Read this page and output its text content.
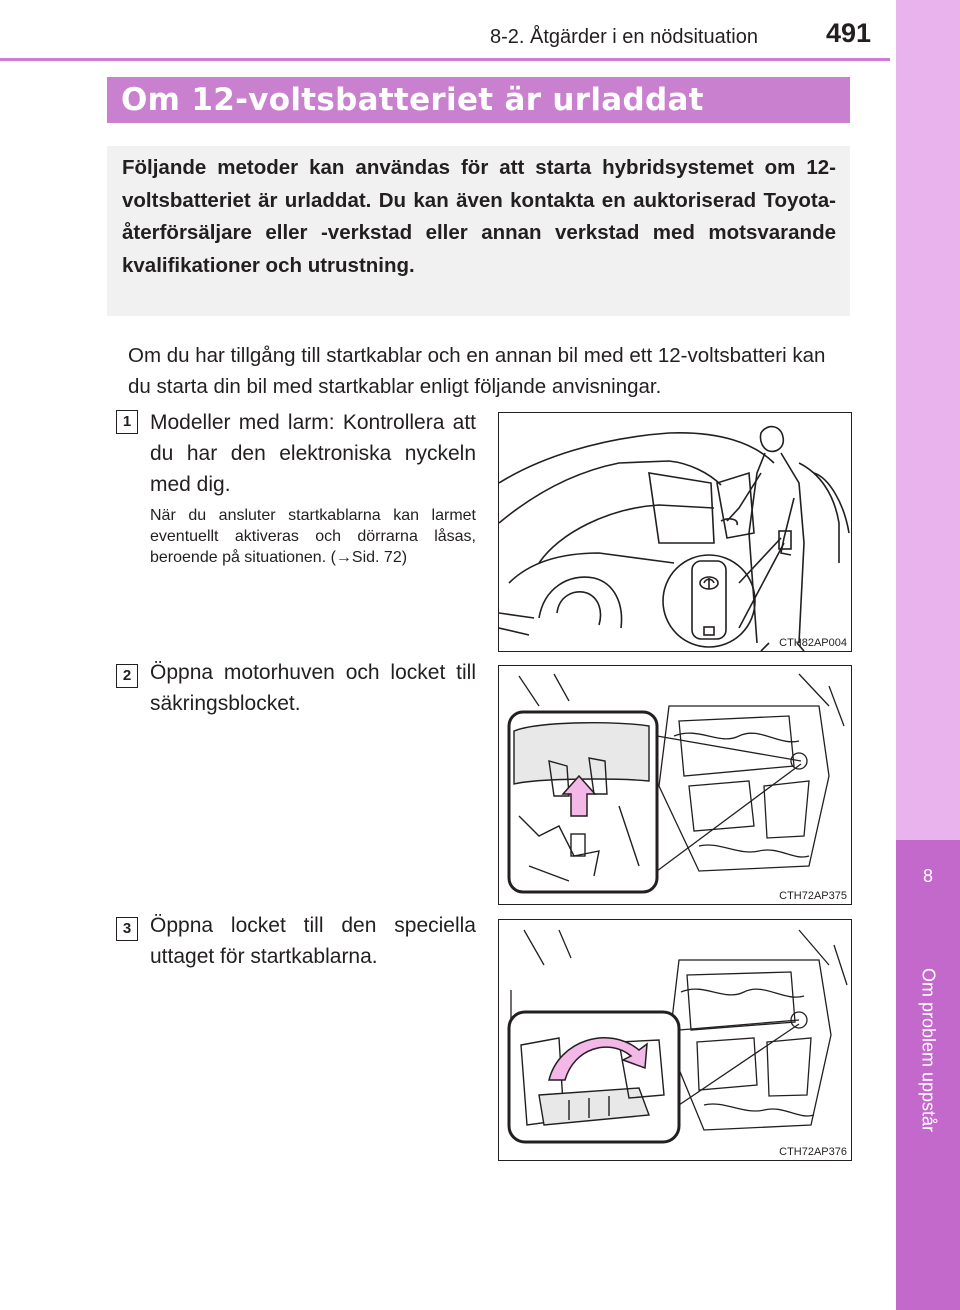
8-2. Åtgärder i en nödsituation	491
8
Om problem uppstår
Om 12-voltsbatteriet är urladdat

Följande metoder kan användas för att starta hybridsystemet om 12-voltsbatteriet är urladdat. Du kan även kontakta en auktoriserad Toyota-återförsäljare eller -verkstad eller annan verkstad med motsvarande kvalifikationer och utrustning.

Om du har tillgång till startkablar och en annan bil med ett 12-voltsbatteri kan du starta din bil med startkablar enligt följande anvisningar.

1 Modeller med larm: Kontrollera att du har den elektroniska nyckeln med dig.

När du ansluter startkablarna kan larmet eventuellt aktiveras och dörrarna låsas, beroende på situationen. (→Sid. 72)

CTH82AP004
2 Öppna motorhuven och locket till säkringsblocket.

CTH72AP375
3 Öppna locket till den speciella uttaget för startkablarna.

CTH72AP376
